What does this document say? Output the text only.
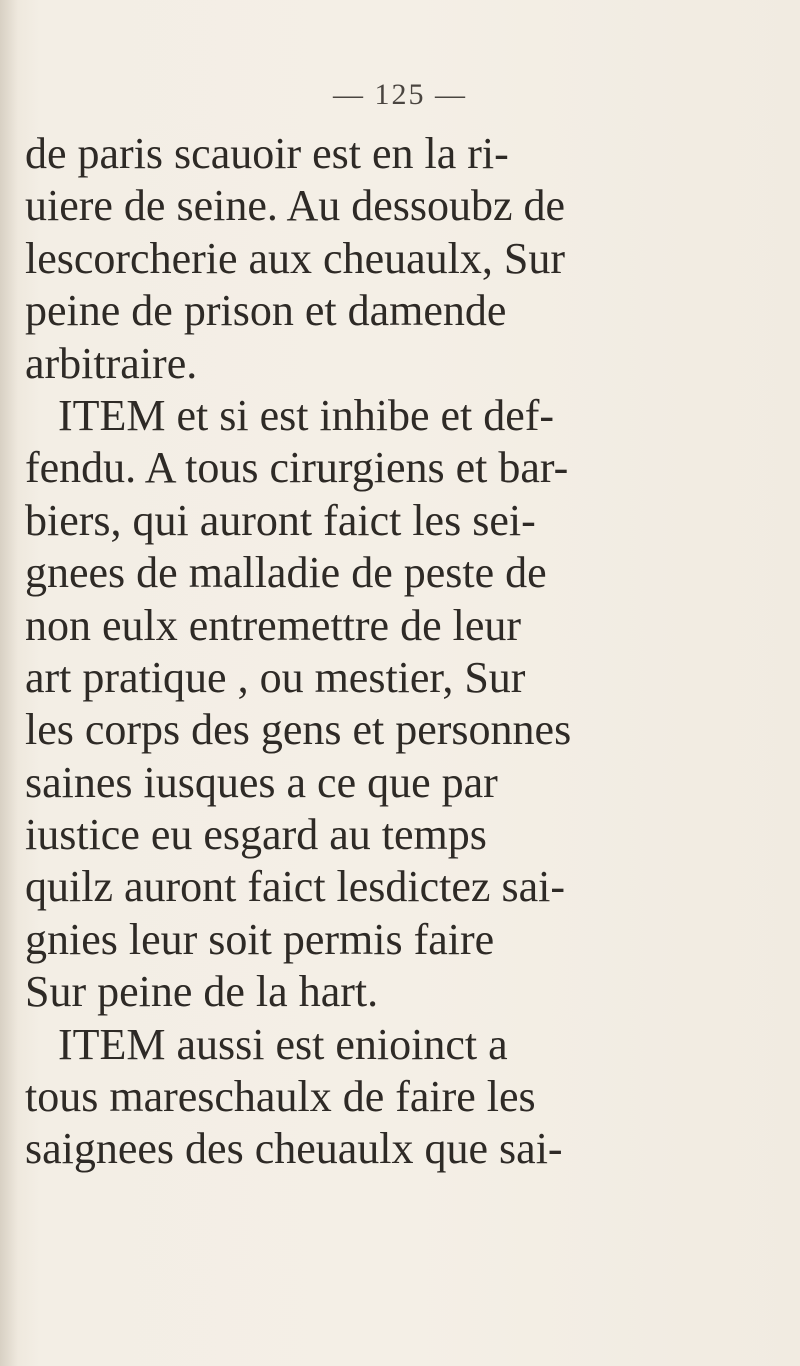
— 125 —
de paris scauoir est en la ri-
uiere de seine. Au dessoubz de
lescorcherie aux cheuaulx, Sur
peine de prison et damende
arbitraire.
ITEM et si est inhibe et def-
fendu. A tous cirurgiens et bar-
biers, qui auront faict les sei-
gnees de malladie de peste de
non eulx entremettre de leur
art pratique , ou mestier, Sur
les corps des gens et personnes
saines iusques a ce que par
iustice eu esgard au temps
quilz auront faict lesdictez sai-
gnies leur soit permis faire
Sur peine de la hart.
ITEM aussi est enioinct a
tous mareschaulx de faire les
saignees des cheuaulx que sai-
